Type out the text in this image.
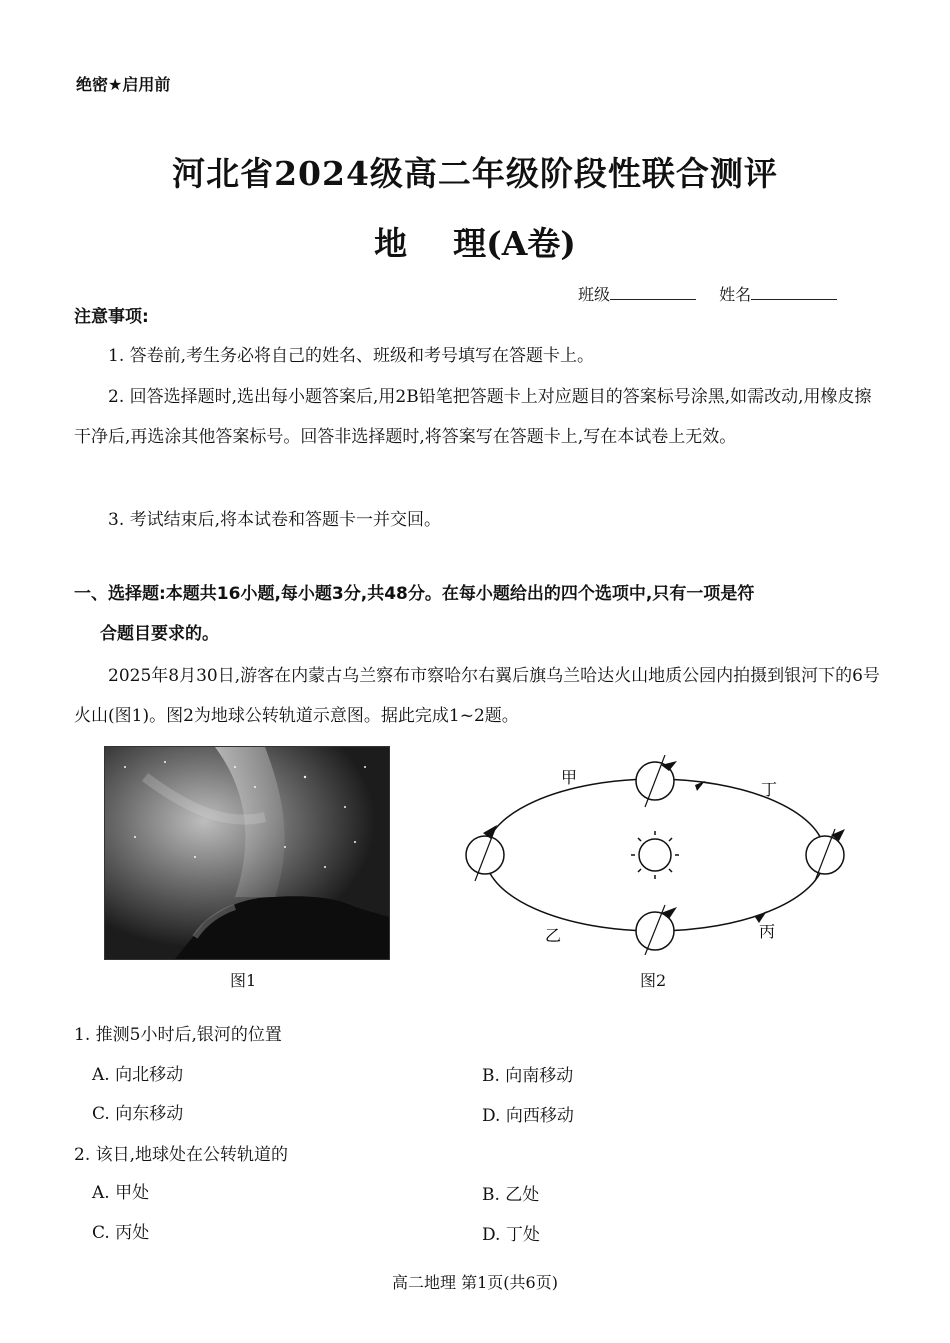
绝密★启用前
河北省2024级高二年级阶段性联合测评
地 理(A卷)
班级	姓名
注意事项:
1. 答卷前,考生务必将自己的姓名、班级和考号填写在答题卡上。
2. 回答选择题时,选出每小题答案后,用2B铅笔把答题卡上对应题目的答案标号涂黑,如需改动,用橡皮擦干净后,再选涂其他答案标号。回答非选择题时,将答案写在答题卡上,写在本试卷上无效。
3. 考试结束后,将本试卷和答题卡一并交回。
一、选择题:本题共16小题,每小题3分,共48分。在每小题给出的四个选项中,只有一项是符
合题目要求的。
2025年8月30日,游客在内蒙古乌兰察布市察哈尔右翼后旗乌兰哈达火山地质公园内拍摄到银河下的6号火山(图1)。图2为地球公转轨道示意图。据此完成1~2题。
图1
甲
丁
乙	丙
图2
1. 推测5小时后,银河的位置
A. 向北移动	B. 向南移动
C. 向东移动	D. 向西移动
2. 该日,地球处在公转轨道的
A. 甲处	B. 乙处
C. 丙处	D. 丁处
高二地理 第1页(共6页)
